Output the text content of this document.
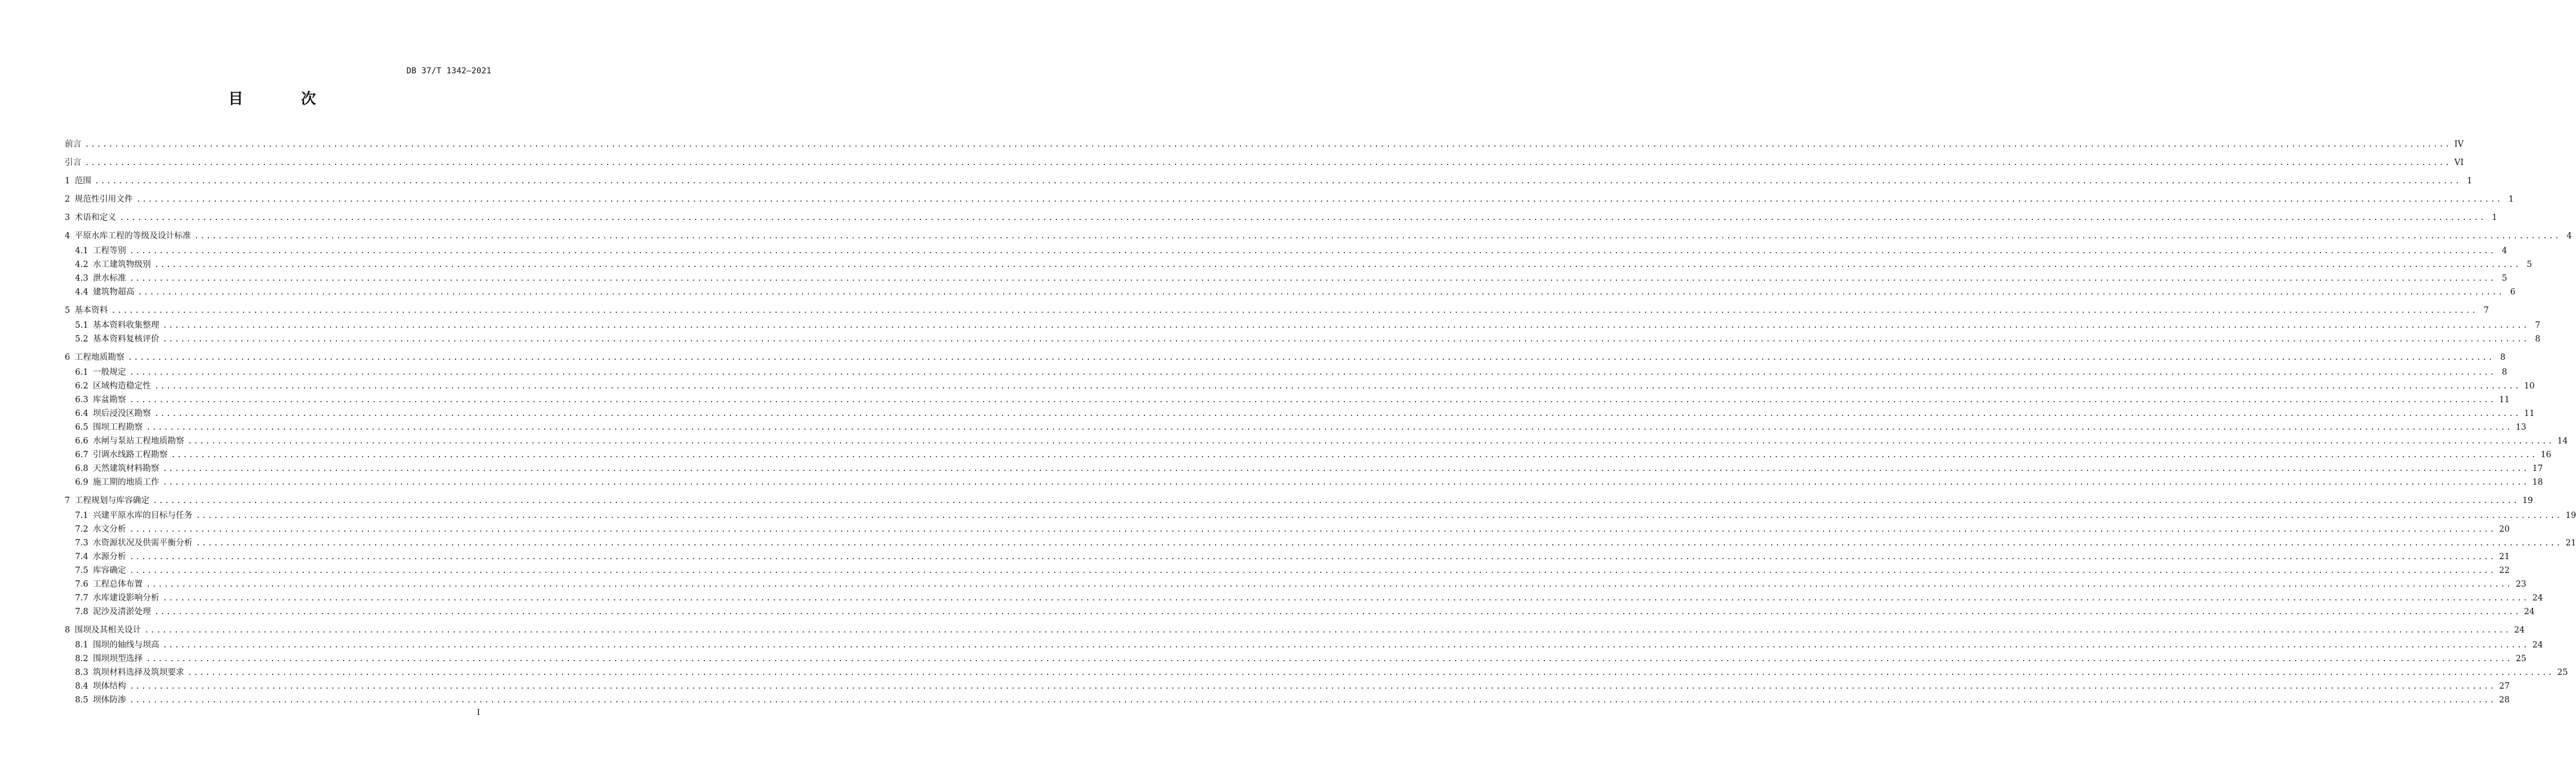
DB 37/T 1342—2021
目 次
前言 ................................................................................................................................................................................................................................................................................................................................................................................................................ IV
引言 ................................................................................................................................................................................................................................................................................................................................................................................................................ VI
1 范围 ................................................................................................................................................................................................................................................................................................................................................................................................................ 1
2 规范性引用文件 ................................................................................................................................................................................................................................................................................................................................................................................................................ 1
3 术语和定义 ................................................................................................................................................................................................................................................................................................................................................................................................................ 1
4 平原水库工程的等级及设计标准 ................................................................................................................................................................................................................................................................................................................................................................................................................ 4
4.1 工程等别 ................................................................................................................................................................................................................................................................................................................................................................................................................ 4
4.2 水工建筑物级别 ................................................................................................................................................................................................................................................................................................................................................................................................................ 5
4.3 泄水标准 ................................................................................................................................................................................................................................................................................................................................................................................................................ 5
4.4 建筑物超高 ................................................................................................................................................................................................................................................................................................................................................................................................................ 6
5 基本资料 ................................................................................................................................................................................................................................................................................................................................................................................................................ 7
5.1 基本资料收集整理 ................................................................................................................................................................................................................................................................................................................................................................................................................ 7
5.2 基本资料复核评价 ................................................................................................................................................................................................................................................................................................................................................................................................................ 8
6 工程地质勘察 ................................................................................................................................................................................................................................................................................................................................................................................................................ 8
6.1 一般规定 ................................................................................................................................................................................................................................................................................................................................................................................................................ 8
6.2 区域构造稳定性 ................................................................................................................................................................................................................................................................................................................................................................................................................ 10
6.3 库盆勘察 ................................................................................................................................................................................................................................................................................................................................................................................................................ 11
6.4 坝后浸没区勘察 ................................................................................................................................................................................................................................................................................................................................................................................................................ 11
6.5 围坝工程勘察 ................................................................................................................................................................................................................................................................................................................................................................................................................ 13
6.6 水闸与泵站工程地质勘察 ................................................................................................................................................................................................................................................................................................................................................................................................................ 14
6.7 引调水线路工程勘察 ................................................................................................................................................................................................................................................................................................................................................................................................................ 16
6.8 天然建筑材料勘察 ................................................................................................................................................................................................................................................................................................................................................................................................................ 17
6.9 施工期的地质工作 ................................................................................................................................................................................................................................................................................................................................................................................................................ 18
7 工程规划与库容确定 ................................................................................................................................................................................................................................................................................................................................................................................................................ 19
7.1 兴建平原水库的目标与任务 ................................................................................................................................................................................................................................................................................................................................................................................................................ 19
7.2 水文分析 ................................................................................................................................................................................................................................................................................................................................................................................................................ 20
7.3 水资源状况及供需平衡分析 ................................................................................................................................................................................................................................................................................................................................................................................................................ 21
7.4 水源分析 ................................................................................................................................................................................................................................................................................................................................................................................................................ 21
7.5 库容确定 ................................................................................................................................................................................................................................................................................................................................................................................................................ 22
7.6 工程总体布置 ................................................................................................................................................................................................................................................................................................................................................................................................................ 23
7.7 水库建设影响分析 ................................................................................................................................................................................................................................................................................................................................................................................................................ 24
7.8 泥沙及清淤处理 ................................................................................................................................................................................................................................................................................................................................................................................................................ 24
8 围坝及其相关设计 ................................................................................................................................................................................................................................................................................................................................................................................................................ 24
8.1 围坝的轴线与坝高 ................................................................................................................................................................................................................................................................................................................................................................................................................ 24
8.2 围坝坝型选择 ................................................................................................................................................................................................................................................................................................................................................................................................................ 25
8.3 筑坝材料选择及筑坝要求 ................................................................................................................................................................................................................................................................................................................................................................................................................ 25
8.4 坝体结构 ................................................................................................................................................................................................................................................................................................................................................................................................................ 27
8.5 坝体防渗 ................................................................................................................................................................................................................................................................................................................................................................................................................ 28
I
